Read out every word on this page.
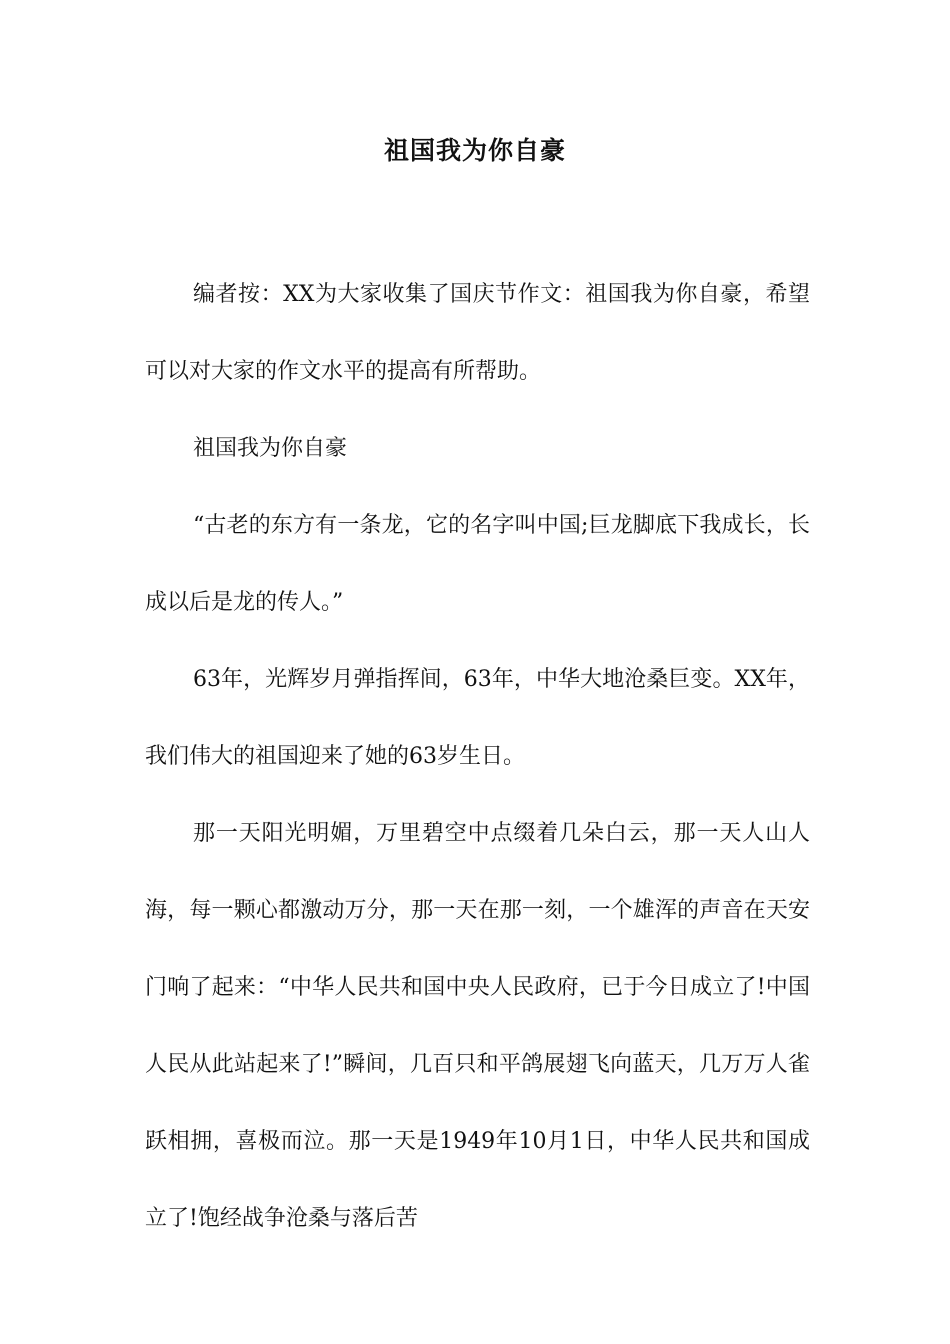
祖国我为你自豪

编者按：XX为大家收集了国庆节作文：祖国我为你自豪，希望可以对大家的作文水平的提高有所帮助。

祖国我为你自豪

“古老的东方有一条龙，它的名字叫中国;巨龙脚底下我成长，长成以后是龙的传人。”

63年，光辉岁月弹指挥间，63年，中华大地沧桑巨变。XX年，我们伟大的祖国迎来了她的63岁生日。

那一天阳光明媚，万里碧空中点缀着几朵白云，那一天人山人海，每一颗心都激动万分，那一天在那一刻，一个雄浑的声音在天安门响了起来：“中华人民共和国中央人民政府，已于今日成立了!中国人民从此站起来了!”瞬间，几百只和平鸽展翅飞向蓝天，几万万人雀跃相拥，喜极而泣。那一天是1949年10月1日，中华人民共和国成立了!饱经战争沧桑与落后苦
